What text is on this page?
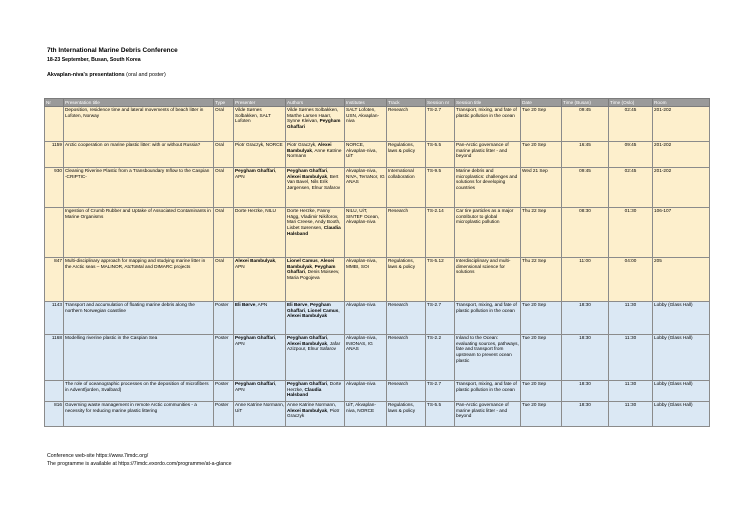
7th International Marine Debris Conference
18-23 September, Busan, South Korea
Akvaplan-niva's presentations (oral and poster)
Nr	Presentation title	Type	Presenter	Authors	Institutes	Track	Session nr	Session title	Date	Time (Busan)	Time (Oslo)	Room
	Deposition, residence time and lateral movements of beach litter in Lofoten, Norway	Oral	Vilde Sørnes Solbakken, SALT Lofoten	Vilde Sørnes Solbakken, Marthe Larsen Haarr, Synne Kleivan, Peygham Ghaffari	SALT Lofoten, USN, Akvaplan-niva	Research	TS-2.7	Transport, mixing, and fate of plastic pollution in the ocean	Tue 20 Sep	09:45	02:45	201-202
1159	Arctic cooperation on marine plastic litter: with or without Russia?	Oral	Piotr Graczyk, NORCE	Piotr Graczyk, Alexei Bambulyak, Anne Katrine Normann	NORCE, Akvaplan-niva, UiT	Regulations, laws & policy	TS-5.5	Pan-Arctic governance of marine plastic litter - and beyond	Tue 20 Sep	16:45	09:45	201-202
930	Cleaning Riverine Plastic from a Transboundary Inflow to the Caspian -CRIPTIC-	Oral	Peygham Ghaffari, APN	Peygham Ghaffari, Alexei Bambulyak, Bert Van Bavel, Nils Erik Jørgensen, Elnur Safarov	Akvaplan-niva, NIVA, TerraNor, IG ANAS	International collaboration	TS-9.5	Marine debris and microplastics: challenges and solutions for developing countries	Wed 21 Sep	09:45	02:45	201-202
	Ingestion of Crumb Rubber and Uptake of Associated Contaminants in Marine Organisms	Oral	Dorte Herzke, NILU	Dorte Herzke, Fanny Hägg, Vladimir Nikiforov, Mari Creese, Andy Booth, Lisbet Sørensen, Claudia Halsband	NILU, UiT, SINTEF Ocean, Akvaplan-niva	Research	TS-2.14	Car tire particles as a major contributor to global microplastic pollution	Thu 22 Sep	08:30	01:30	106-107
847	Multi-disciplinary approach for mapping and studying marine litter in the Arctic seas – MALINOR, AtcToMal and DIMARC projects	Oral	Alexei Bambulyak, APN	Lionel Camus, Alexei Bambulyak, Peygham Ghaffari, Denis Moiseev, Maria Pogojeva	Akvaplan-niva, MMBI, SOI	Regulations, laws & policy	TS-5.12	Interdisciplinary and multi-dimensional science for solutions	Thu 22 Sep	11:00	04:00	205
1143	Transport and accumulation of floating marine debris along the northern Norwegian coastline	Poster	Eli Børve, APN	Eli Børve, Peygham Ghaffari, Lionel Camus, Alexei Bambulyak	Akvaplan-niva	Research	TS-2.7	Transport, mixing, and fate of plastic pollution in the ocean	Tue 20 Sep	18:30	11:30	Lobby (Glass Hall)
1168	Modelling riverine plastic in the Caspian Sea	Poster	Peygham Ghaffari, APN	Peygham Ghaffari, Alexei Bambulyak, Jafar Azizpour, Elnur Safarov	Akvaplan-niva, INIONAS, IG ANAS	Research	TS-2.2	Inland to the Ocean: evaluating sources, pathways, fate and transport from upstream to prevent ocean plastic	Tue 20 Sep	18:30	11:30	Lobby (Glass Hall)
	The role of oceanographic processes on the deposition of microfibers in Adventfjorden, Svalbard)	Poster	Peygham Ghaffari, APN	Peygham Ghaffari, Dorte Herzke, Claudia Halsband	Akvaplan-niva	Research	TS-2.7	Transport, mixing, and fate of plastic pollution in the ocean	Tue 20 Sep	18:30	11:30	Lobby (Glass Hall)
816	Governing waste management in remote Arctic communities - a necessity for reducing marine plastic littering	Poster	Anne Katrine Normann, UiT	Anne Katrine Normann, Alexei Bambulyak, Piotr Graczyk	UiT, Akvaplan-niva, NORCE	Regulations, laws & policy	TS-5.5	Pan-Arctic governance of marine plastic litter - and beyond	Tue 20 Sep	18:30	11:30	Lobby (Glass Hall)
Conference web-site https://www.7imdc.org/
The programme is available at https://7imdc.exordo.com/programme/at-a-glance
